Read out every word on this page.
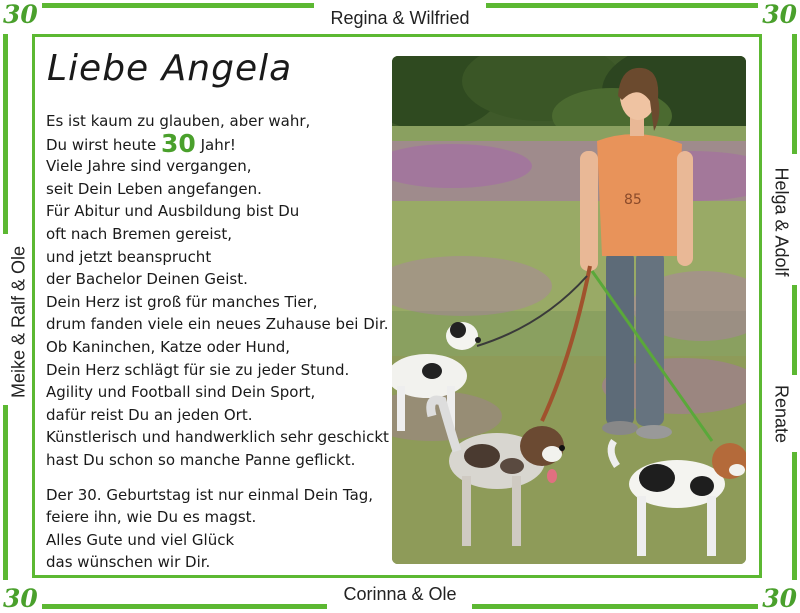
30	30
30	30
Regina & Wilfried
Corinna & Ole
Meike & Ralf & Ole
Helga & Adolf
Renate
Liebe Angela
Es ist kaum zu glauben, aber wahr,
Du wirst heute 30 Jahr!
Viele Jahre sind vergangen,
seit Dein Leben angefangen.
Für Abitur und Ausbildung bist Du
oft nach Bremen gereist,
und jetzt beansprucht
der Bachelor Deinen Geist.
Dein Herz ist groß für manches Tier,
drum fanden viele ein neues Zuhause bei Dir.
Ob Kaninchen, Katze oder Hund,
Dein Herz schlägt für sie zu jeder Stund.
Agility und Football sind Dein Sport,
dafür reist Du an jeden Ort.
Künstlerisch und handwerklich sehr geschickt
hast Du schon so manche Panne geflickt.
Der 30. Geburtstag ist nur einmal Dein Tag,
feiere ihn, wie Du es magst.
Alles Gute und viel Glück
das wünschen wir Dir.
85
